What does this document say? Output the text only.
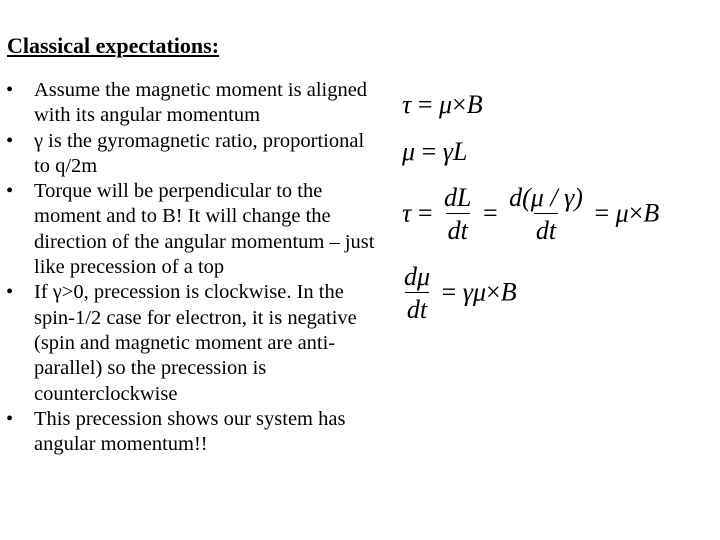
Classical expectations:
• Assume the magnetic moment is aligned with its angular momentum
• γ is the gyromagnetic ratio, proportional to q/2m
• Torque will be perpendicular to the moment and to B! It will change the direction of the angular momentum – just like precession of a top
• If γ>0, precession is clockwise. In the spin-1/2 case for electron, it is negative (spin and magnetic moment are anti-parallel) so the precession is counterclockwise
• This precession shows our system has angular momentum!!
τ = μ×B
μ = γL
$\tau = \frac{dL}{dt} = \frac{d(\mu / \gamma)}{dt} = \mu\times B$
$\frac{d\mu}{dt} = \gamma\mu\times B$
